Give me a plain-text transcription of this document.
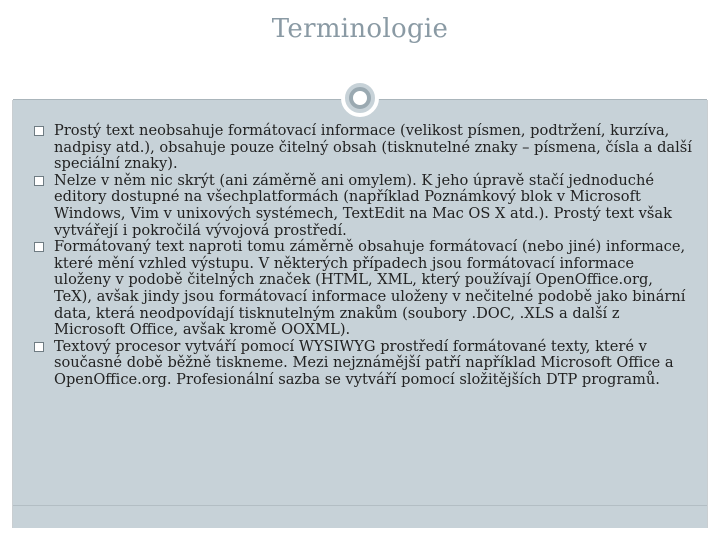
Terminologie
Prostý text neobsahuje formátovací informace (velikost písmen, podtržení, kurzíva, nadpisy atd.), obsahuje pouze čitelný obsah (tisknutelné znaky – písmena, čísla a další speciální znaky).
Nelze v něm nic skrýt (ani záměrně ani omylem). K jeho úpravě stačí jednoduché editory dostupné na všechplatformách (například Poznámkový blok v Microsoft Windows, Vim v unixových systémech, TextEdit na Mac OS X atd.). Prostý text však vytvářejí i pokročilá vývojová prostředí.
Formátovaný text naproti tomu záměrně obsahuje formátovací (nebo jiné) informace, které mění vzhled výstupu. V některých případech jsou formátovací informace uloženy v podobě čitelných značek (HTML, XML, který používají OpenOffice.org, TeX), avšak jindy jsou formátovací informace uloženy v nečitelné podobě jako binární data, která neodpovídají tisknutelným znakům (soubory .DOC, .XLS a další z Microsoft Office, avšak kromě OOXML).
Textový procesor vytváří pomocí WYSIWYG prostředí formátované texty, které v současné době běžně tiskneme. Mezi nejznámější patří například Microsoft Office a OpenOffice.org. Profesionální sazba se vytváří pomocí složitějších DTP programů.
